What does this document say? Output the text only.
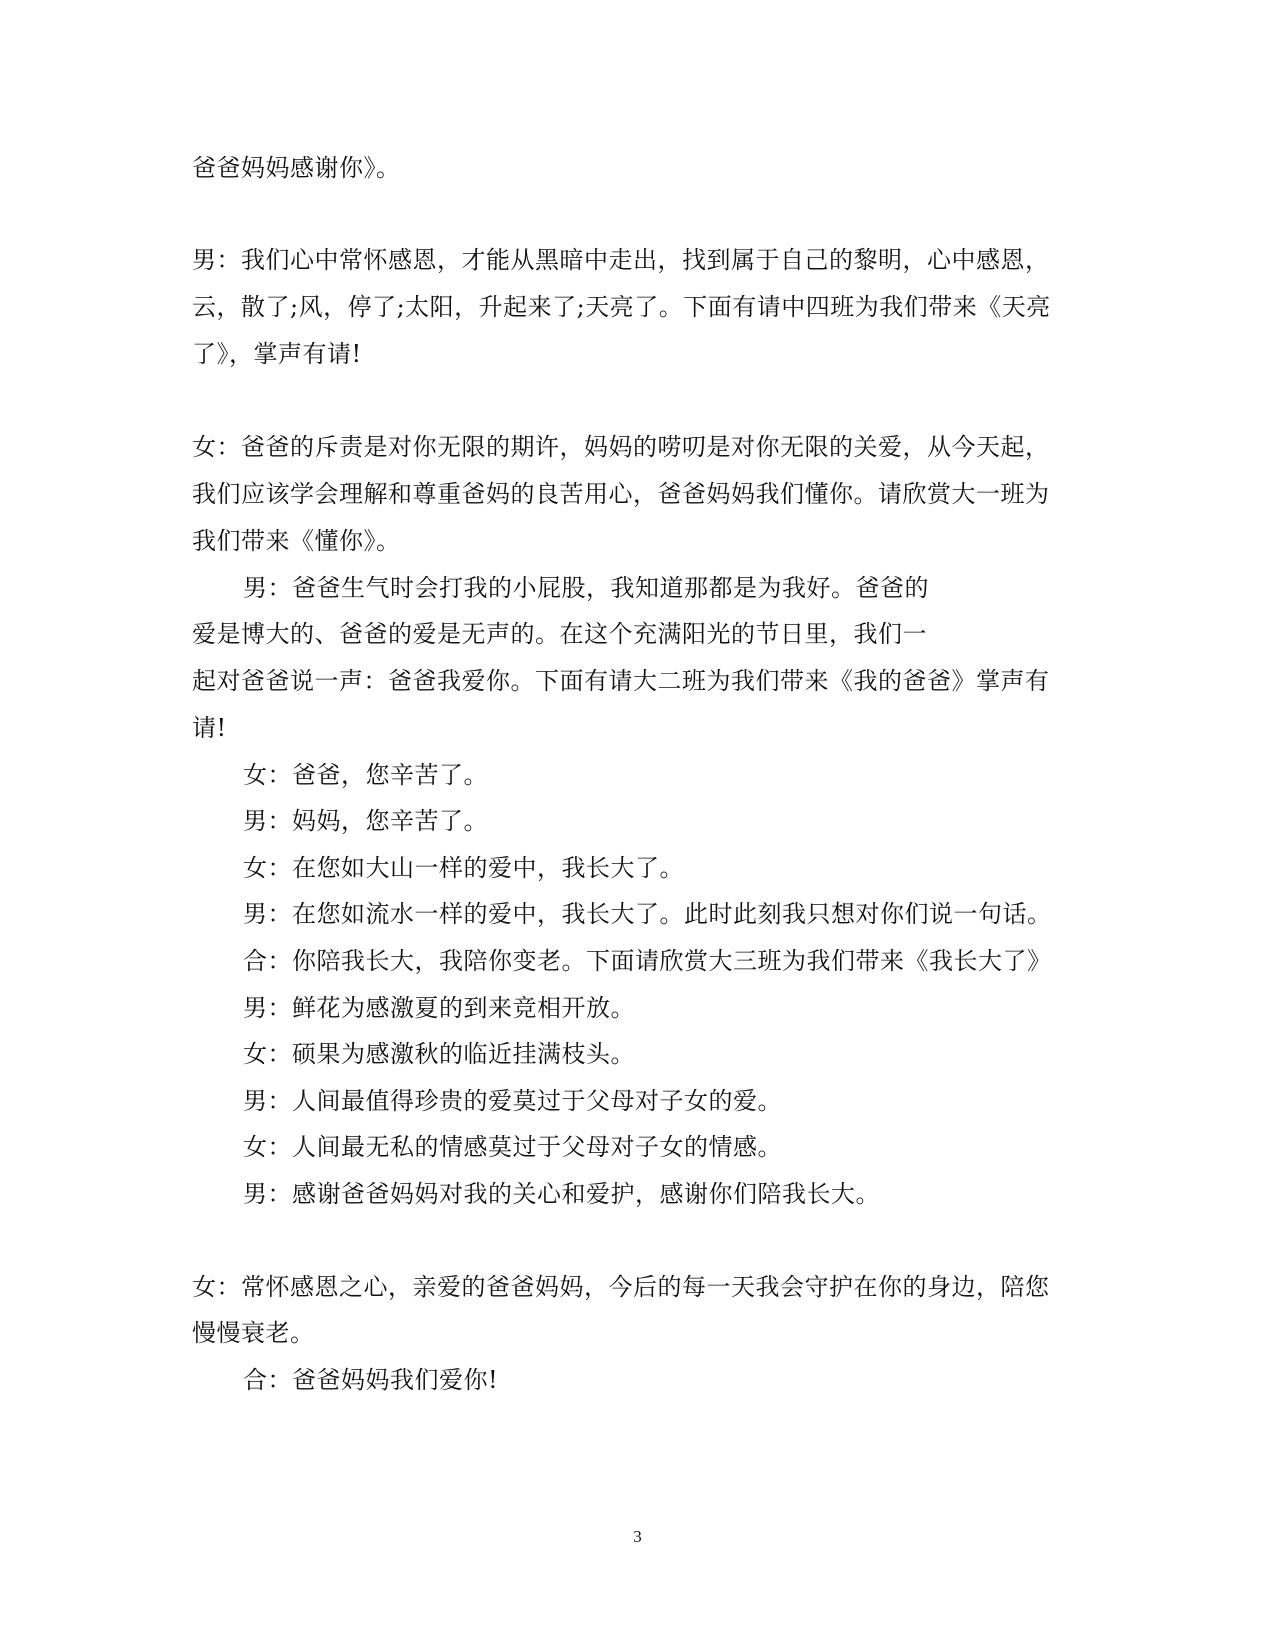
爸爸妈妈感谢你》。
男：我们心中常怀感恩，才能从黑暗中走出，找到属于自己的黎明，心中感恩，
云，散了;风，停了;太阳，升起来了;天亮了。下面有请中四班为我们带来《天亮
了》，掌声有请!
女：爸爸的斥责是对你无限的期许，妈妈的唠叨是对你无限的关爱，从今天起，
我们应该学会理解和尊重爸妈的良苦用心，爸爸妈妈我们懂你。请欣赏大一班为
我们带来《懂你》。
男：爸爸生气时会打我的小屁股，我知道那都是为我好。爸爸的
爱是博大的、爸爸的爱是无声的。在这个充满阳光的节日里，我们一
起对爸爸说一声：爸爸我爱你。下面有请大二班为我们带来《我的爸爸》掌声有
请!
女：爸爸，您辛苦了。
男：妈妈，您辛苦了。
女：在您如大山一样的爱中，我长大了。
男：在您如流水一样的爱中，我长大了。此时此刻我只想对你们说一句话。
合：你陪我长大，我陪你变老。下面请欣赏大三班为我们带来《我长大了》
男：鲜花为感激夏的到来竞相开放。
女：硕果为感激秋的临近挂满枝头。
男：人间最值得珍贵的爱莫过于父母对子女的爱。
女：人间最无私的情感莫过于父母对子女的情感。
男：感谢爸爸妈妈对我的关心和爱护，感谢你们陪我长大。
女：常怀感恩之心，亲爱的爸爸妈妈，今后的每一天我会守护在你的身边，陪您
慢慢衰老。
合：爸爸妈妈我们爱你!
3
